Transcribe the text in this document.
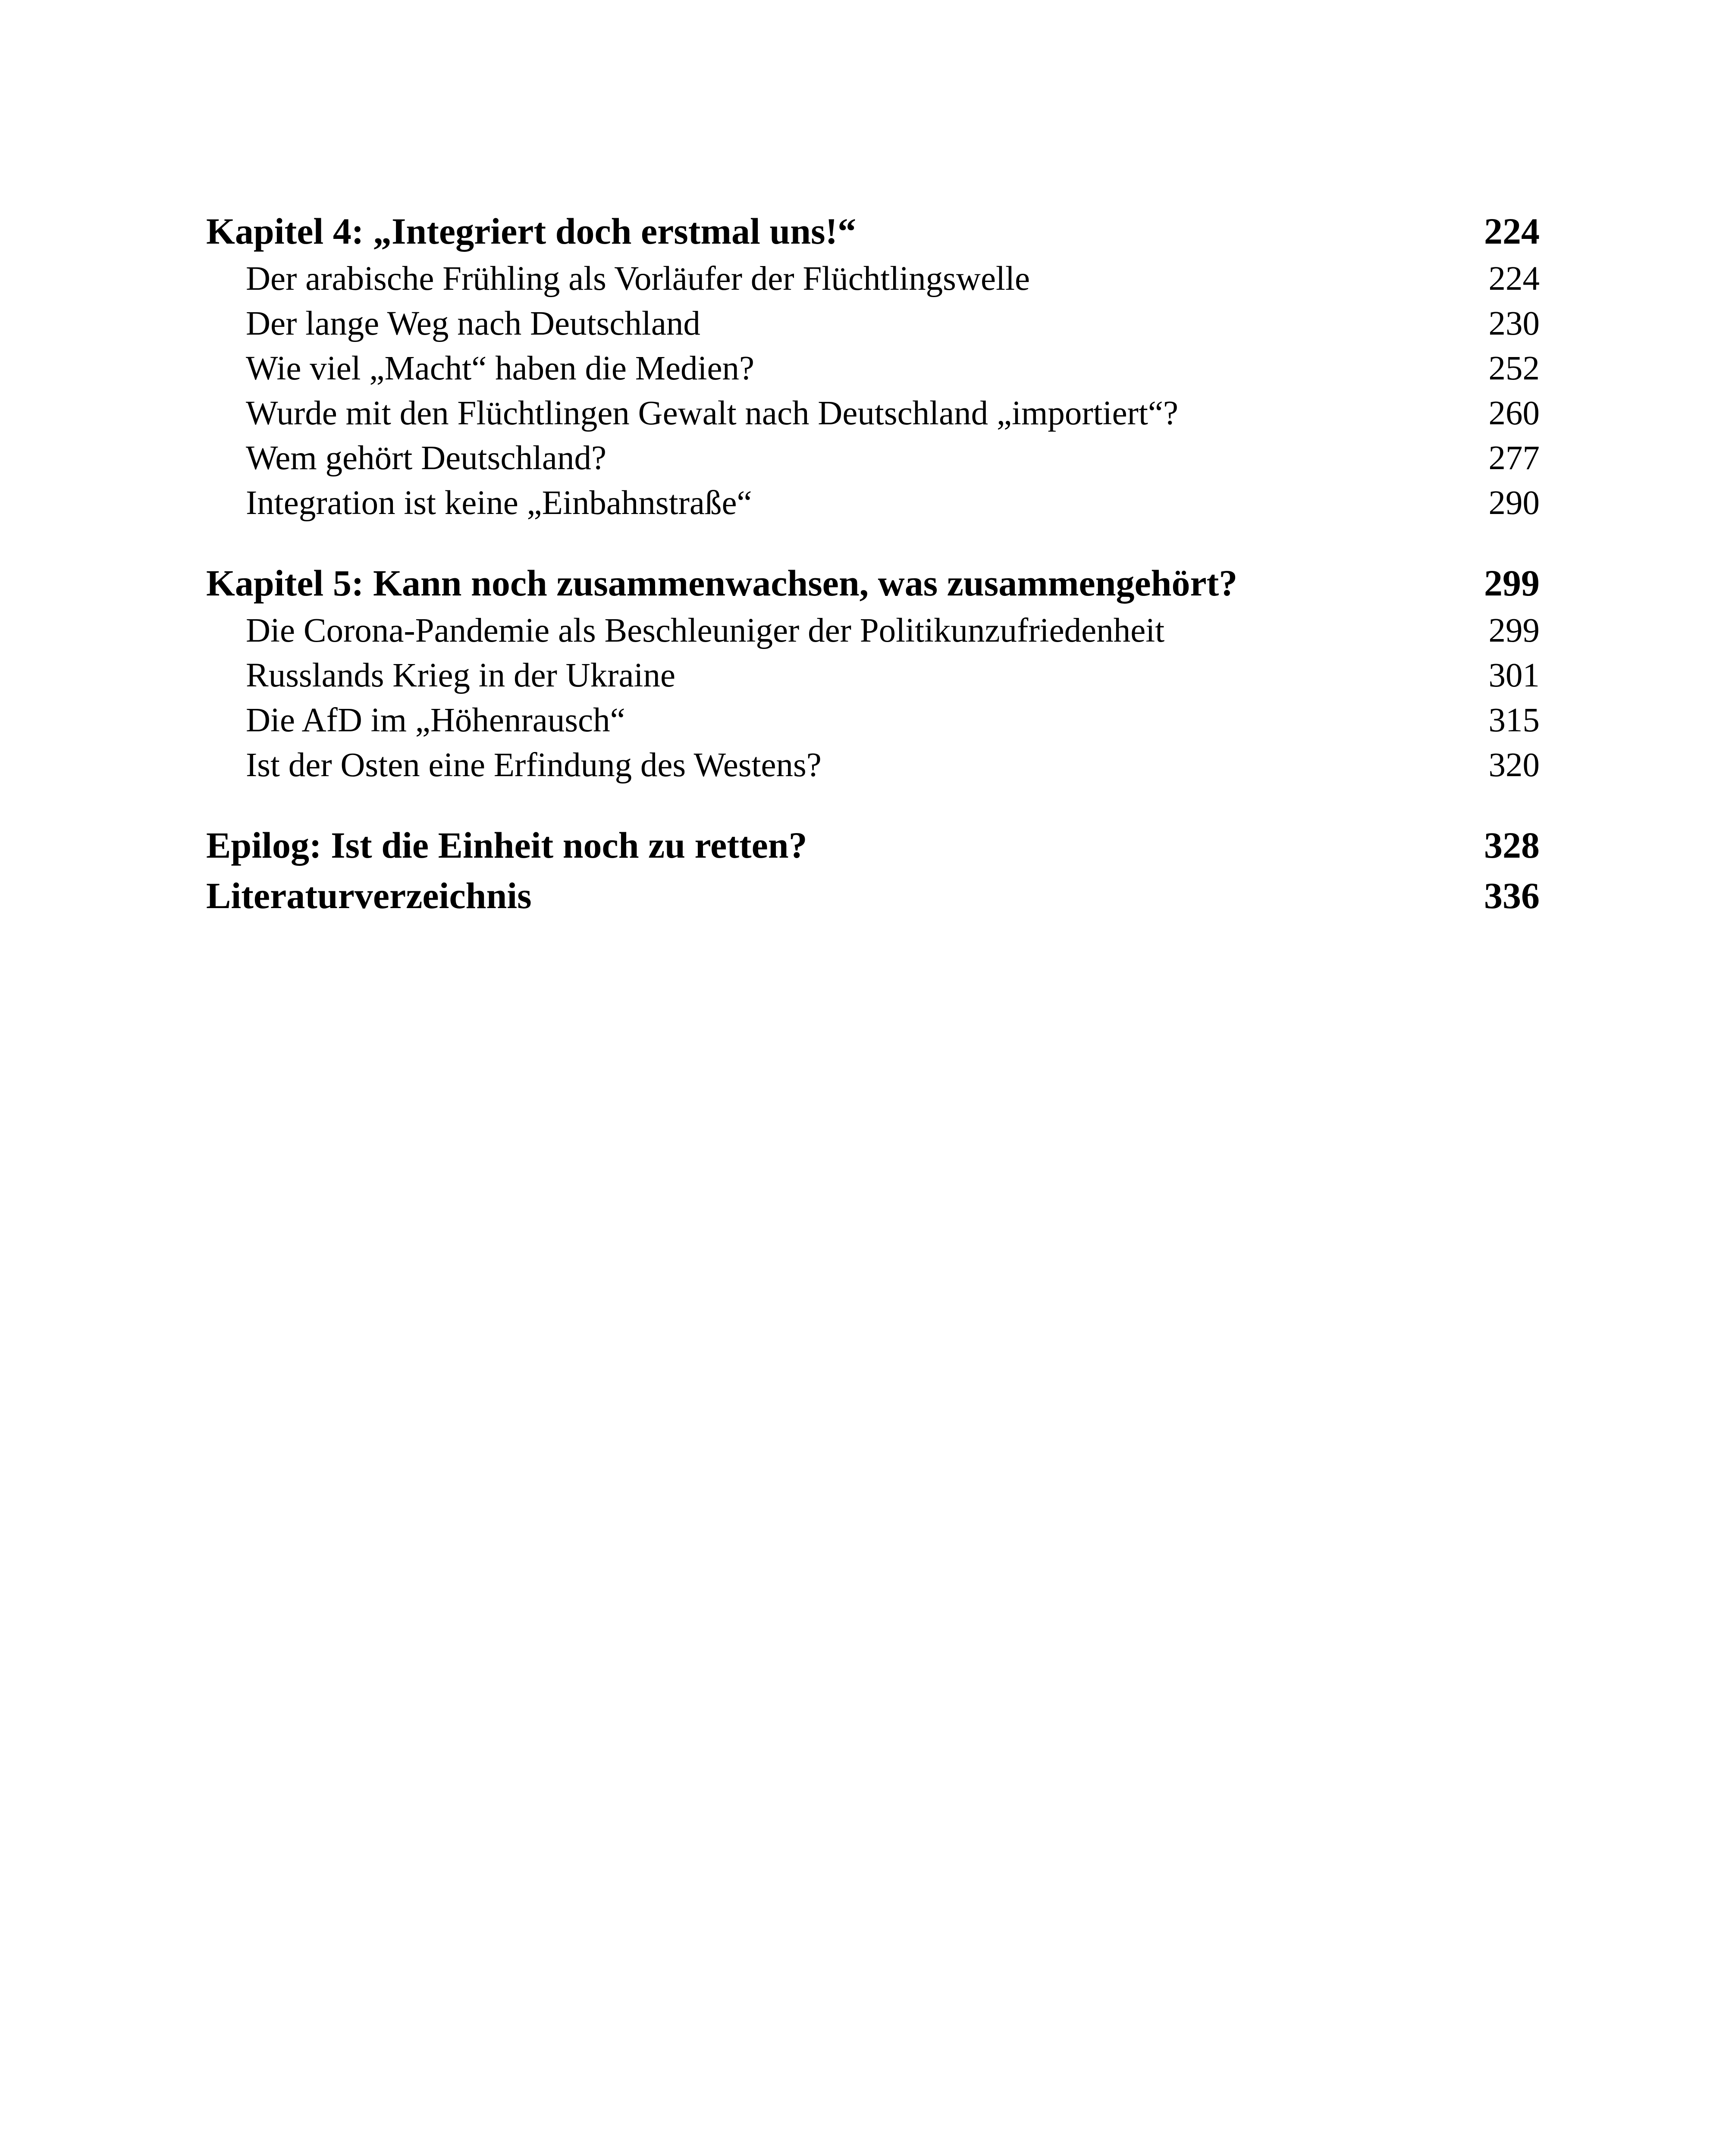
Kapitel 4: „Integriert doch erstmal uns!“	224
Der arabische Frühling als Vorläufer der Flüchtlingswelle	224
Der lange Weg nach Deutschland	230
Wie viel „Macht“ haben die Medien?	252
Wurde mit den Flüchtlingen Gewalt nach Deutschland „importiert“?	260
Wem gehört Deutschland?	277
Integration ist keine „Einbahnstraße“	290
Kapitel 5: Kann noch zusammenwachsen, was zusammengehört?	299
Die Corona-Pandemie als Beschleuniger der Politikunzufriedenheit	299
Russlands Krieg in der Ukraine	301
Die AfD im „Höhenrausch“	315
Ist der Osten eine Erfindung des Westens?	320
Epilog: Ist die Einheit noch zu retten?	328
Literaturverzeichnis	336
